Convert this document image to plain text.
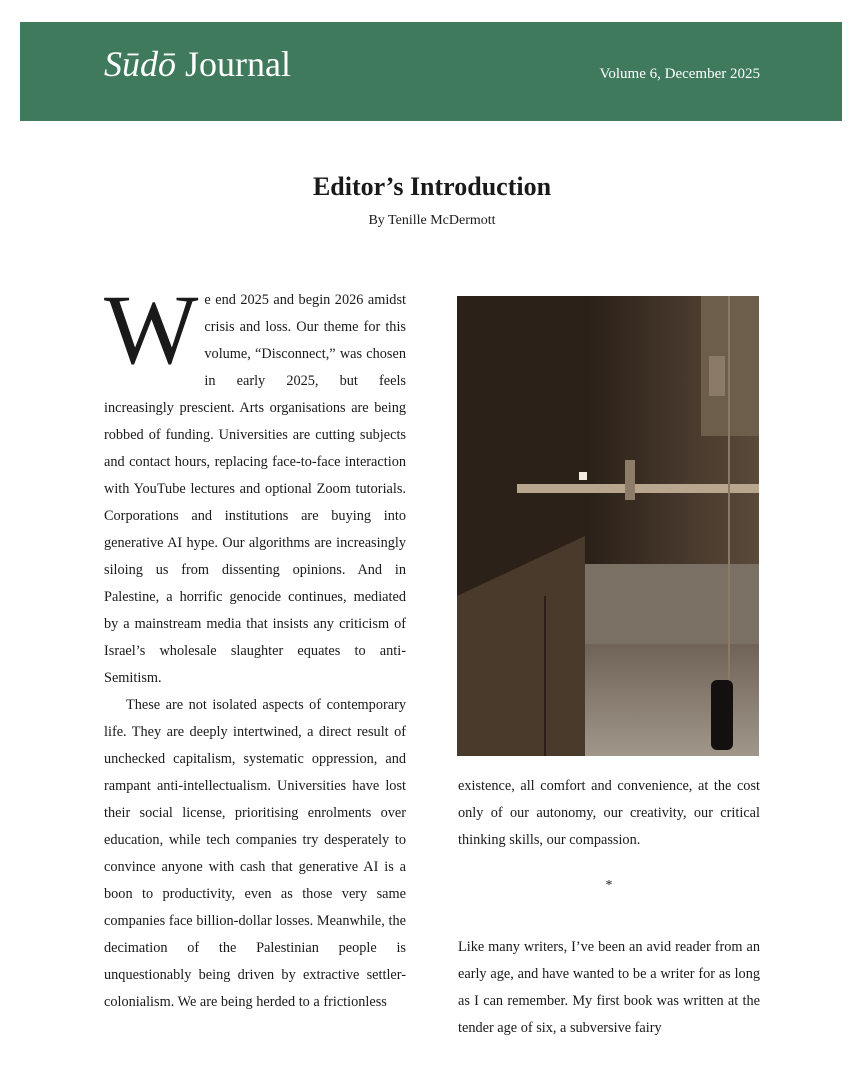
Sūdō Journal	Volume 6, December 2025
Editor’s Introduction
By Tenille McDermott

We end 2025 and begin 2026 amidst crisis and loss. Our theme for this volume, “Disconnect,” was chosen in early 2025, but feels increasingly prescient. Arts organisations are being robbed of funding. Universities are cutting subjects and contact hours, replacing face-to-face interaction with YouTube lectures and optional Zoom tutorials. Corporations and institutions are buying into generative AI hype. Our algorithms are increasingly siloing us from dissenting opinions. And in Palestine, a horrific genocide continues, mediated by a mainstream media that insists any criticism of Israel’s wholesale slaughter equates to anti-Semitism.

These are not isolated aspects of contemporary life. They are deeply intertwined, a direct result of unchecked capitalism, systematic oppression, and rampant anti-intellectualism. Universities have lost their social license, prioritising enrolments over education, while tech companies try desperately to convince anyone with cash that generative AI is a boon to productivity, even as those very same companies face billion-dollar losses. Meanwhile, the decimation of the Palestinian people is unquestionably being driven by extractive settler-colonialism. We are being herded to a frictionless

existence, all comfort and convenience, at the cost only of our autonomy, our creativity, our critical thinking skills, our compassion.

*

Like many writers, I’ve been an avid reader from an early age, and have wanted to be a writer for as long as I can remember. My first book was written at the tender age of six, a subversive fairy
